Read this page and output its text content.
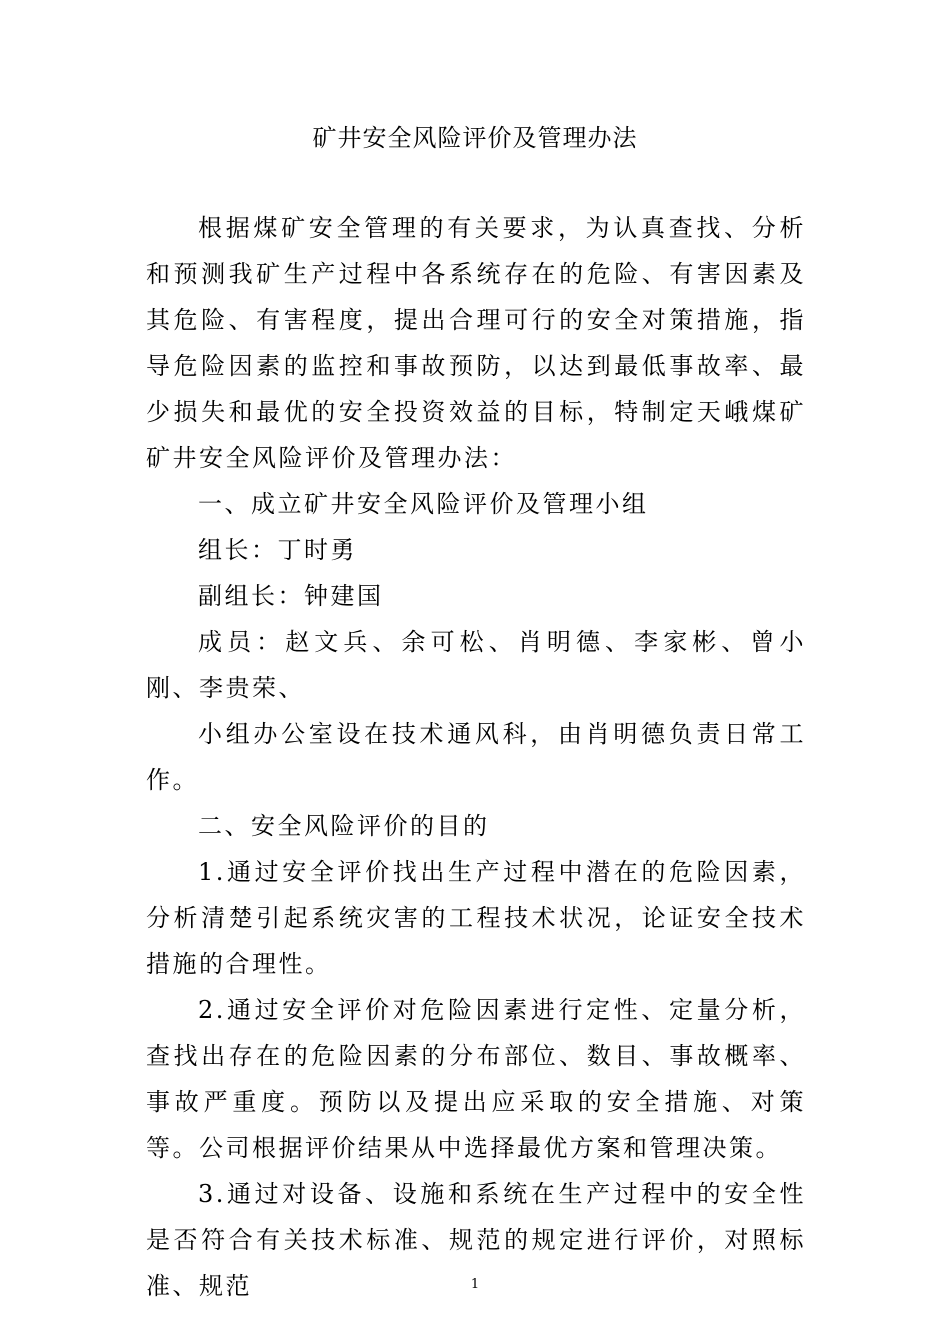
矿井安全风险评价及管理办法

根据煤矿安全管理的有关要求，为认真查找、分析和预测我矿生产过程中各系统存在的危险、有害因素及其危险、有害程度，提出合理可行的安全对策措施，指导危险因素的监控和事故预防，以达到最低事故率、最少损失和最优的安全投资效益的目标，特制定天峨煤矿矿井安全风险评价及管理办法：

一、成立矿井安全风险评价及管理小组

组长：丁时勇

副组长：钟建国

成员：赵文兵、余可松、肖明德、李家彬、曾小刚、李贵荣、

小组办公室设在技术通风科，由肖明德负责日常工作。

二、安全风险评价的目的

1.通过安全评价找出生产过程中潜在的危险因素，分析清楚引起系统灾害的工程技术状况，论证安全技术措施的合理性。

2.通过安全评价对危险因素进行定性、定量分析，查找出存在的危险因素的分布部位、数目、事故概率、事故严重度。预防以及提出应采取的安全措施、对策等。公司根据评价结果从中选择最优方案和管理决策。

3.通过对设备、设施和系统在生产过程中的安全性是否符合有关技术标准、规范的规定进行评价，对照标准、规范	1
